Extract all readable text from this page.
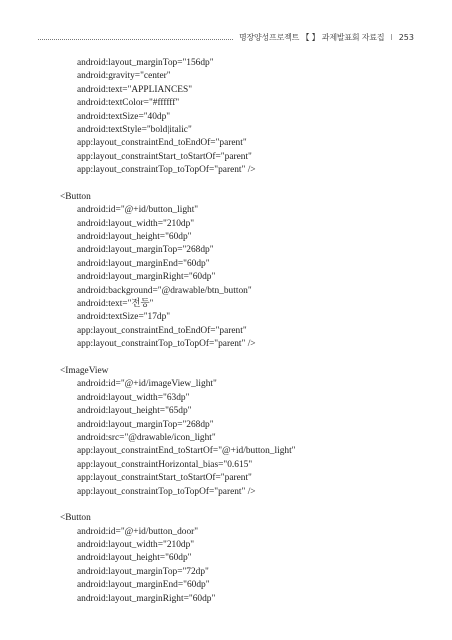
명장양성프로젝트 【 】 과제발표회 자료집 I 253
android:layout_marginTop="156dp"
android:gravity="center"
android:text="APPLIANCES"
android:textColor="#ffffff"
android:textSize="40dp"
android:textStyle="bold|italic"
app:layout_constraintEnd_toEndOf="parent"
app:layout_constraintStart_toStartOf="parent"
app:layout_constraintTop_toTopOf="parent" />
<Button
android:id="@+id/button_light"
android:layout_width="210dp"
android:layout_height="60dp"
android:layout_marginTop="268dp"
android:layout_marginEnd="60dp"
android:layout_marginRight="60dp"
android:background="@drawable/btn_button"
android:text="전등"
android:textSize="17dp"
app:layout_constraintEnd_toEndOf="parent"
app:layout_constraintTop_toTopOf="parent" />
<ImageView
android:id="@+id/imageView_light"
android:layout_width="63dp"
android:layout_height="65dp"
android:layout_marginTop="268dp"
android:src="@drawable/icon_light"
app:layout_constraintEnd_toStartOf="@+id/button_light"
app:layout_constraintHorizontal_bias="0.615"
app:layout_constraintStart_toStartOf="parent"
app:layout_constraintTop_toTopOf="parent" />
<Button
android:id="@+id/button_door"
android:layout_width="210dp"
android:layout_height="60dp"
android:layout_marginTop="72dp"
android:layout_marginEnd="60dp"
android:layout_marginRight="60dp"
